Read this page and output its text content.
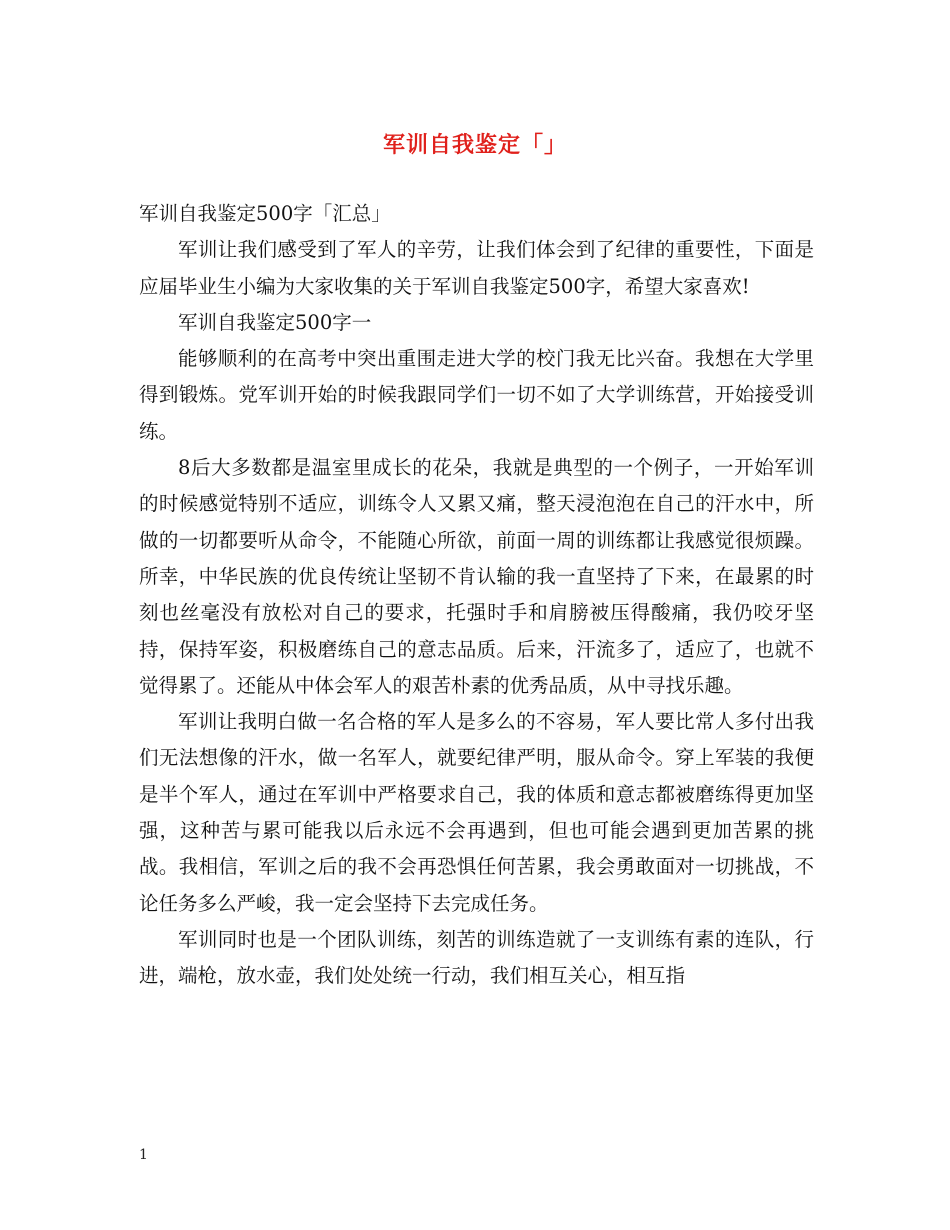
军训自我鉴定「」

军训自我鉴定500字「汇总」

军训让我们感受到了军人的辛劳，让我们体会到了纪律的重要性，下面是应届毕业生小编为大家收集的关于军训自我鉴定500字，希望大家喜欢!

军训自我鉴定500字一

能够顺利的在高考中突出重围走进大学的校门我无比兴奋。我想在大学里得到锻炼。党军训开始的时候我跟同学们一切不如了大学训练营，开始接受训练。

8后大多数都是温室里成长的花朵，我就是典型的一个例子，一开始军训的时候感觉特别不适应，训练令人又累又痛，整天浸泡泡在自己的汗水中，所做的一切都要听从命令，不能随心所欲，前面一周的训练都让我感觉很烦躁。所幸，中华民族的优良传统让坚韧不肯认输的我一直坚持了下来，在最累的时刻也丝毫没有放松对自己的要求，托强时手和肩膀被压得酸痛，我仍咬牙坚持，保持军姿，积极磨练自己的意志品质。后来，汗流多了，适应了，也就不觉得累了。还能从中体会军人的艰苦朴素的优秀品质，从中寻找乐趣。

军训让我明白做一名合格的军人是多么的不容易，军人要比常人多付出我们无法想像的汗水，做一名军人，就要纪律严明，服从命令。穿上军装的我便是半个军人，通过在军训中严格要求自己，我的体质和意志都被磨练得更加坚强，这种苦与累可能我以后永远不会再遇到，但也可能会遇到更加苦累的挑战。我相信，军训之后的我不会再恐惧任何苦累，我会勇敢面对一切挑战，不论任务多么严峻，我一定会坚持下去完成任务。

军训同时也是一个团队训练，刻苦的训练造就了一支训练有素的连队，行进，端枪，放水壶，我们处处统一行动，我们相互关心，相互指

1
